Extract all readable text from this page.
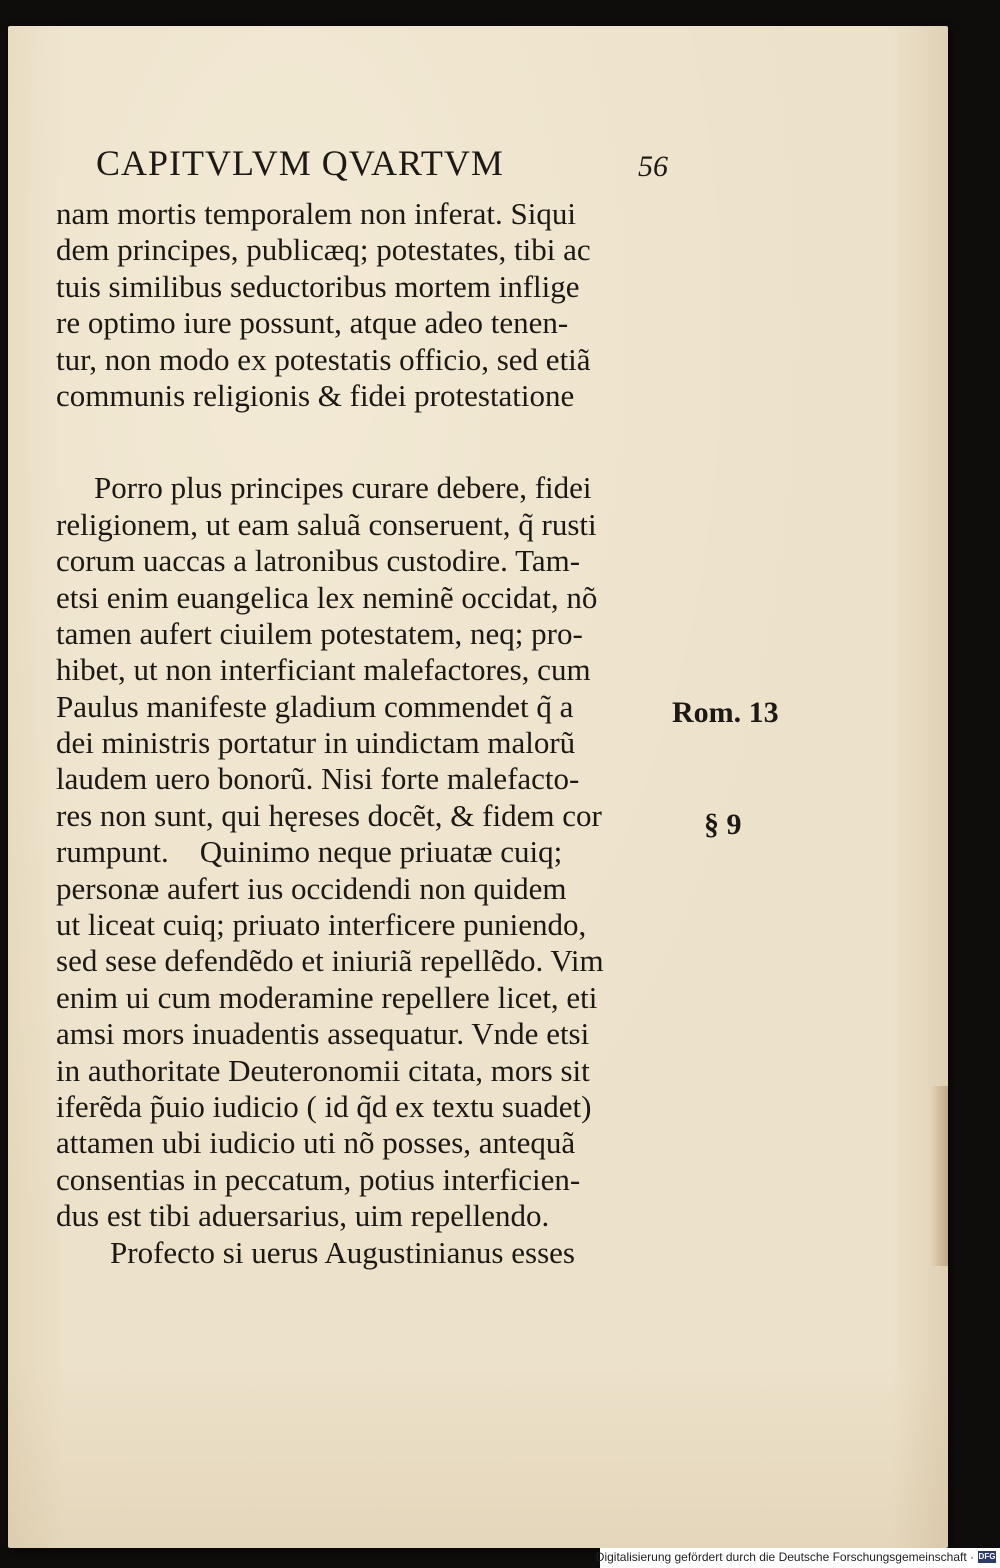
CAPITVLVM QVARTVM	56
nam mortis temporalem non inferat. Siqui
dem principes, publicæq; potestates, tibi ac
tuis similibus seductoribus mortem inflige
re optimo iure possunt, atque adeo tenen-
tur, non modo ex potestatis officio, sed etiã
communis religionis & fidei protestatione
Porro plus principes curare debere, fidei
religionem, ut eam saluã conseruent, q̃ rusti
corum uaccas a latronibus custodire. Tam-
etsi enim euangelica lex neminẽ occidat, nõ
tamen aufert ciuilem potestatem, neq; pro-
hibet, ut non interficiant malefactores, cum
Paulus manifeste gladium commendet q̃ a
dei ministris portatur in uindictam malorũ
laudem uero bonorũ. Nisi forte malefacto-
res non sunt, qui hęreses docẽt, & fidem cor
rumpunt.    Quinimo neque priuatæ cuiq;
personæ aufert ius occidendi non quidem
ut liceat cuiq; priuato interficere puniendo,
sed sese defendẽdo et iniuriã repellẽdo. Vim
enim ui cum moderamine repellere licet, eti
amsi mors inuadentis assequatur. Vnde etsi
in authoritate Deuteronomii citata, mors sit
iferẽda p̃uio iudicio ( id q̃d ex textu suadet)
attamen ubi iudicio uti nõ posses, antequã
consentias in peccatum, potius interficien-
dus est tibi aduersarius, uim repellendo.
Profecto si uerus Augustinianus esses
Rom. 13
§ 9
Digitalisierung gefördert durch die Deutsche Forschungsgemeinschaft · DFG
